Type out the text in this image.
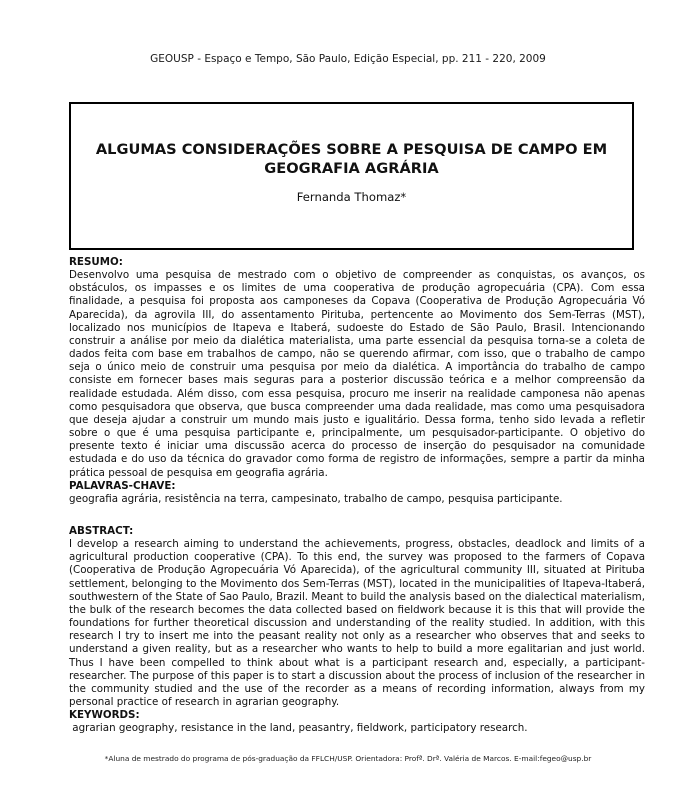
GEOUSP - Espaço e Tempo, São Paulo, Edição Especial, pp. 211 - 220, 2009
ALGUMAS CONSIDERAÇÕES SOBRE A PESQUISA DE CAMPO EM
GEOGRAFIA AGRÁRIA
Fernanda Thomaz*
RESUMO:
Desenvolvo uma pesquisa de mestrado com o objetivo de compreender as conquistas, os avanços, os obstáculos, os impasses e os limites de uma cooperativa de produção agropecuária (CPA). Com essa finalidade, a pesquisa foi proposta aos camponeses da Copava (Cooperativa de Produção Agropecuária Vó Aparecida), da agrovila III, do assentamento Pirituba, pertencente ao Movimento dos Sem-Terras (MST), localizado nos municípios de Itapeva e Itaberá, sudoeste do Estado de São Paulo, Brasil. Intencionando construir a análise por meio da dialética materialista, uma parte essencial da pesquisa torna-se a coleta de dados feita com base em trabalhos de campo, não se querendo afirmar, com isso, que o trabalho de campo seja o único meio de construir uma pesquisa por meio da dialética. A importância do trabalho de campo consiste em fornecer bases mais seguras para a posterior discussão teórica e a melhor compreensão da realidade estudada. Além disso, com essa pesquisa, procuro me inserir na realidade camponesa não apenas como pesquisadora que observa, que busca compreender uma dada realidade, mas como uma pesquisadora que deseja ajudar a construir um mundo mais justo e igualitário. Dessa forma, tenho sido levada a refletir sobre o que é uma pesquisa participante e, principalmente, um pesquisador-participante. O objetivo do presente texto é iniciar uma discussão acerca do processo de inserção do pesquisador na comunidade estudada e do uso da técnica do gravador como forma de registro de informações, sempre a partir da minha prática pessoal de pesquisa em geografia agrária.
PALAVRAS-CHAVE:
geografia agrária, resistência na terra, campesinato, trabalho de campo, pesquisa participante.
ABSTRACT:
I develop a research aiming to understand the achievements, progress, obstacles, deadlock and limits of a agricultural production cooperative (CPA). To this end, the survey was proposed to the farmers of Copava (Cooperativa de Produção Agropecuária Vó Aparecida), of the agricultural community III, situated at Pirituba settlement, belonging to the Movimento dos Sem-Terras (MST), located in the municipalities of Itapeva-Itaberá, southwestern of the State of Sao Paulo, Brazil. Meant to build the analysis based on the dialectical materialism, the bulk of the research becomes the data collected based on fieldwork because it is this that will provide the foundations for further theoretical discussion and understanding of the reality studied. In addition, with this research I try to insert me into the peasant reality not only as a researcher who observes that and seeks to understand a given reality, but as a researcher who wants to help to build a more egalitarian and just world. Thus I have been compelled to think about what is a participant research and, especially, a participant-researcher. The purpose of this paper is to start a discussion about the process of inclusion of the researcher in the community studied and the use of the recorder as a means of recording information, always from my personal practice of research in agrarian geography.
KEYWORDS:
agrarian geography, resistance in the land, peasantry, fieldwork, participatory research.
*Aluna de mestrado do programa de pós-graduação da FFLCH/USP. Orientadora: Profª. Drª. Valéria de Marcos. E-mail:fegeo@usp.br
